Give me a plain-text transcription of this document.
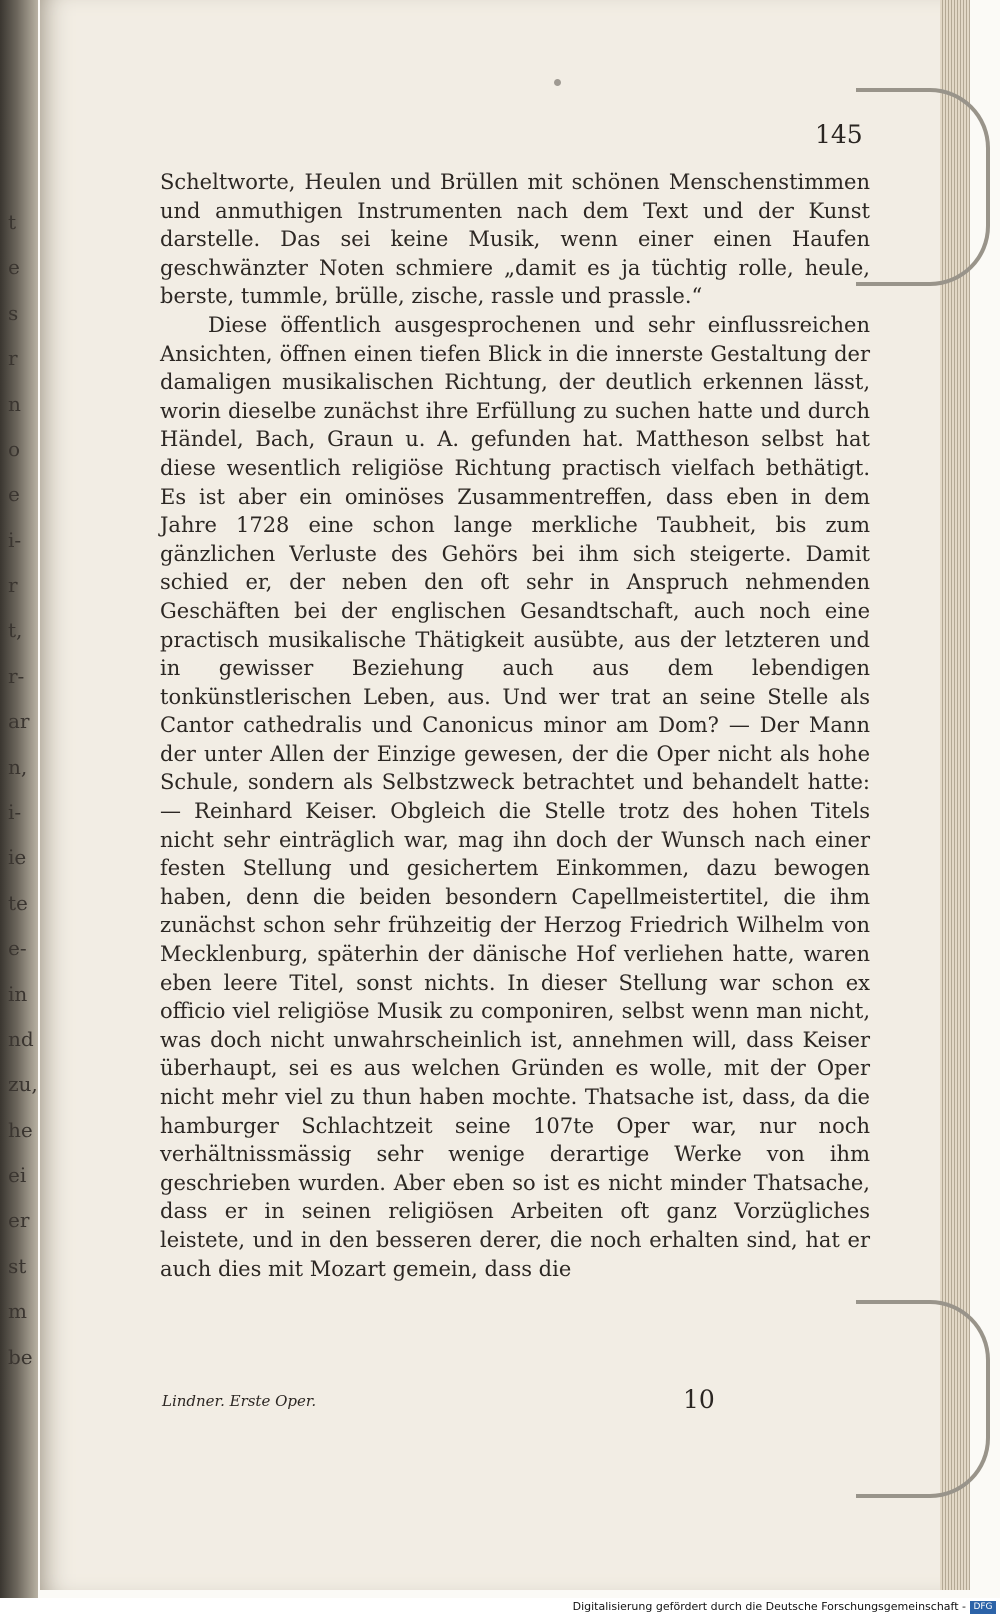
t
e
s
r
n
o
e
i-
r
t,
r-
ar
n,
i-
ie
te
e-
in
nd
zu,
he
ei
er
st
m
be
145

Scheltworte, Heulen und Brüllen mit schönen Menschenstimmen und anmuthigen Instrumenten nach dem Text und der Kunst darstelle. Das sei keine Musik, wenn einer einen Haufen geschwänzter Noten schmiere „damit es ja tüchtig rolle, heule, berste, tummle, brülle, zische, rassle und prassle.“

Diese öffentlich ausgesprochenen und sehr einflussreichen Ansichten, öffnen einen tiefen Blick in die innerste Gestaltung der damaligen musikalischen Richtung, der deutlich erkennen lässt, worin dieselbe zunächst ihre Erfüllung zu suchen hatte und durch Händel, Bach, Graun u. A. gefunden hat. Mattheson selbst hat diese wesentlich religiöse Richtung practisch vielfach bethätigt. Es ist aber ein ominöses Zusammentreffen, dass eben in dem Jahre 1728 eine schon lange merkliche Taubheit, bis zum gänzlichen Verluste des Gehörs bei ihm sich steigerte. Damit schied er, der neben den oft sehr in Anspruch nehmenden Geschäften bei der englischen Gesandtschaft, auch noch eine practisch musikalische Thätigkeit ausübte, aus der letzteren und in gewisser Beziehung auch aus dem lebendigen tonkünstlerischen Leben, aus. Und wer trat an seine Stelle als Cantor cathedralis und Canonicus minor am Dom? — Der Mann der unter Allen der Einzige gewesen, der die Oper nicht als hohe Schule, sondern als Selbstzweck betrachtet und behandelt hatte: — Reinhard Keiser. Obgleich die Stelle trotz des hohen Titels nicht sehr einträglich war, mag ihn doch der Wunsch nach einer festen Stellung und gesichertem Einkommen, dazu bewogen haben, denn die beiden besondern Capellmeistertitel, die ihm zunächst schon sehr frühzeitig der Herzog Friedrich Wilhelm von Mecklenburg, späterhin der dänische Hof verliehen hatte, waren eben leere Titel, sonst nichts. In dieser Stellung war schon ex officio viel religiöse Musik zu componiren, selbst wenn man nicht, was doch nicht unwahrscheinlich ist, annehmen will, dass Keiser überhaupt, sei es aus welchen Gründen es wolle, mit der Oper nicht mehr viel zu thun haben mochte. Thatsache ist, dass, da die hamburger Schlachtzeit seine 107te Oper war, nur noch verhältnissmässig sehr wenige derartige Werke von ihm geschrieben wurden. Aber eben so ist es nicht minder Thatsache, dass er in seinen religiösen Arbeiten oft ganz Vorzügliches leistete, und in den besseren derer, die noch erhalten sind, hat er auch dies mit Mozart gemein, dass die

Lindner. Erste Oper.	10
Digitalisierung gefördert durch die Deutsche Forschungsgemeinschaft - DFG
